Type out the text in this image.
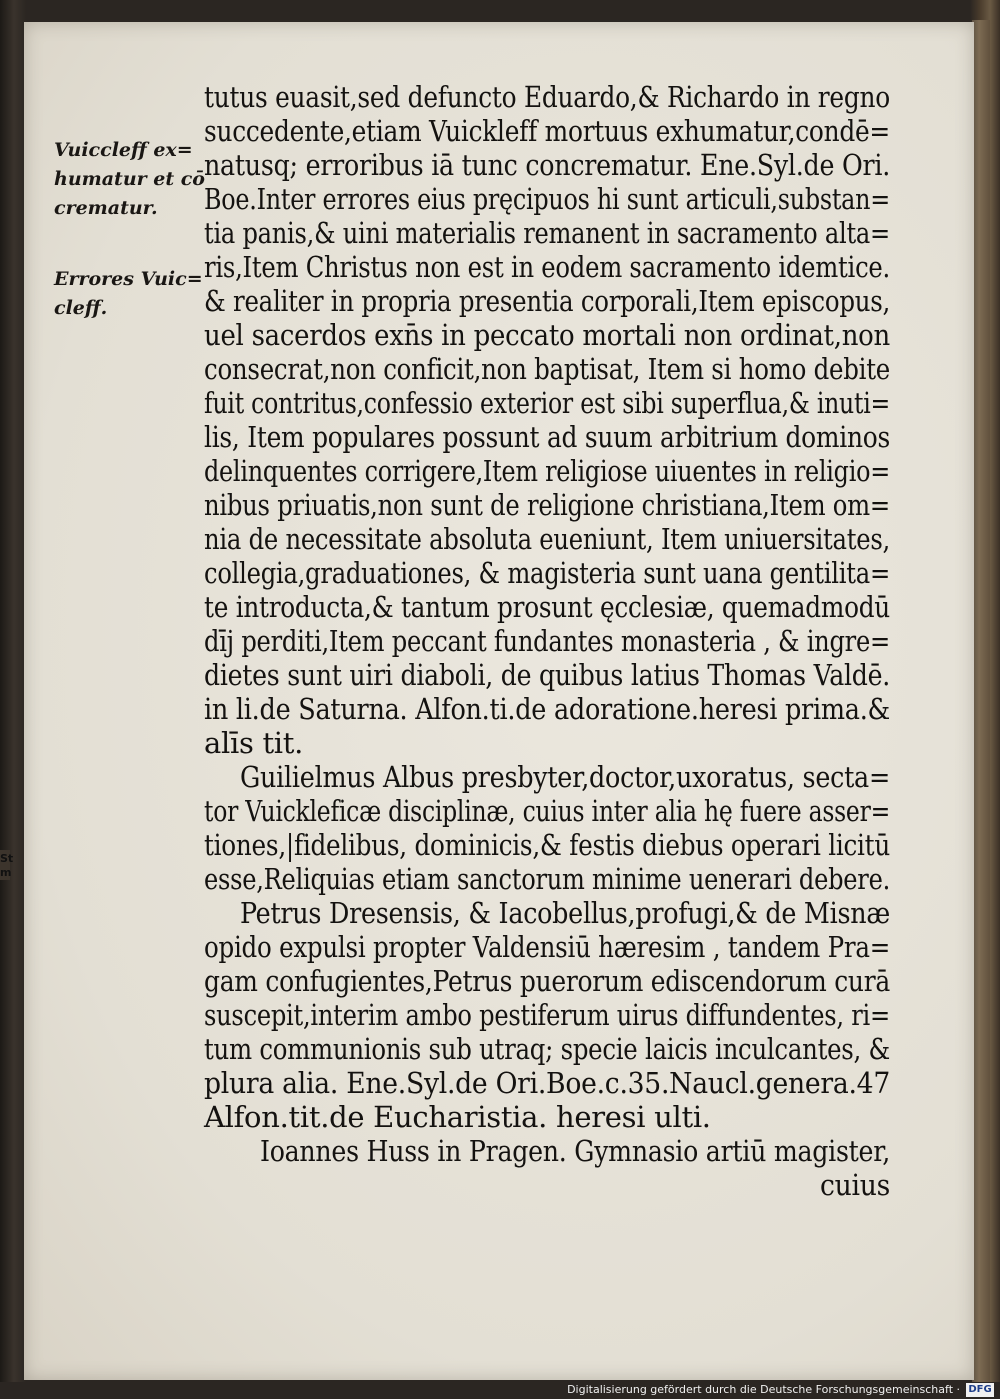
St
m
Vuiccleff ex=
humatur et cō
crematur.
Errores Vuic=
cleff.
tutus euasit,sed defuncto Eduardo,& Richardo in regno
succedente,etiam Vuickleff mortuus exhumatur,condē=
natusq; erroribus iā tunc concrematur. Ene.Syl.de Ori.
Boe.Inter errores eius pręcipuos hi sunt articuli,substan=
tia panis,& uini materialis remanent in sacramento alta=
ris,Item Christus non est in eodem sacramento idemtice.
& realiter in propria presentia corporali,Item episcopus,
uel sacerdos exn̄s in peccato mortali non ordinat,non
consecrat,non conficit,non baptisat, Item si homo debite
fuit contritus,confessio exterior est sibi superflua,& inuti=
lis, Item populares possunt ad suum arbitrium dominos
delinquentes corrigere,Item religiose uiuentes in religio=
nibus priuatis,non sunt de religione christiana,Item om=
nia de necessitate absoluta eueniunt, Item uniuersitates,
collegia,graduationes, & magisteria sunt uana gentilita=
te introducta,& tantum prosunt ęcclesiæ, quemadmodū
dīj perditi,Item peccant fundantes monasteria , & ingre=
dietes sunt uiri diaboli, de quibus latius Thomas Valdē.
in li.de Saturna. Alfon.ti.de adoratione.heresi prima.&
alīs tit.
Guilielmus Albus presbyter,doctor,uxoratus, secta=
tor Vuickleficæ disciplinæ, cuius inter alia hę fuere asser=
tiones,|fidelibus, dominicis,& festis diebus operari licitū
esse,Reliquias etiam sanctorum minime uenerari debere.
Petrus Dresensis, & Iacobellus,profugi,& de Misnæ
opido expulsi propter Valdensiū hæresim , tandem Pra=
gam confugientes,Petrus puerorum ediscendorum curā
suscepit,interim ambo pestiferum uirus diffundentes, ri=
tum communionis sub utraq; specie laicis inculcantes, &
plura alia. Ene.Syl.de Ori.Boe.c.35.Naucl.genera.47
Alfon.tit.de Eucharistia. heresi ulti.
Ioannes Huss in Pragen. Gymnasio artiū magister,
cuius
Digitalisierung gefördert durch die Deutsche Forschungsgemeinschaft · DFG
